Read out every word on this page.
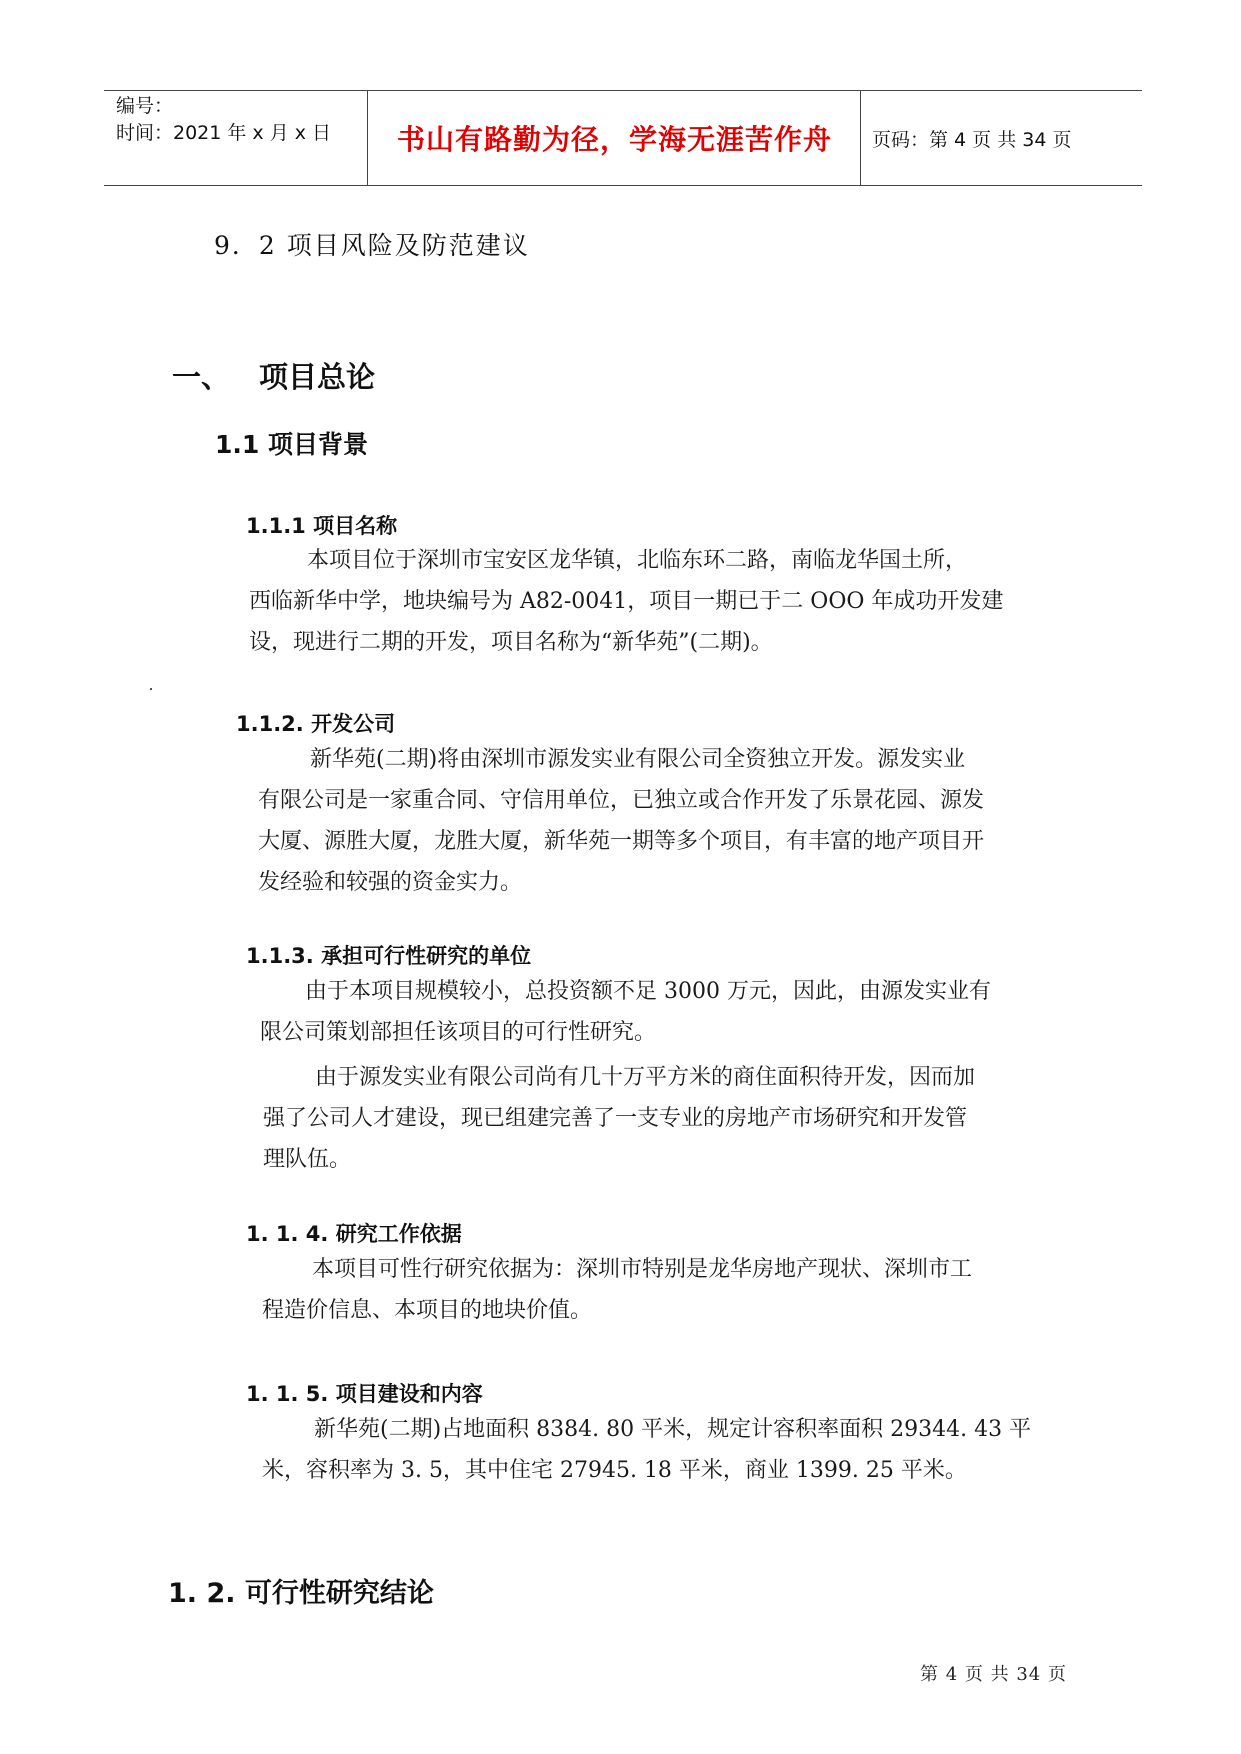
编号：
时间：2021 年 x 月 x 日	书山有路勤为径，学海无涯苦作舟	页码：第 4 页 共 34 页
9．2 项目风险及防范建议
一、 项目总论
1.1 项目背景
1.1.1 项目名称
本项目位于深圳市宝安区龙华镇，北临东环二路，南临龙华国土所，
西临新华中学，地块编号为 A82-0041，项目一期已于二 OOO 年成功开发建
设，现进行二期的开发，项目名称为“新华苑”(二期)。
1.1.2. 开发公司
新华苑(二期)将由深圳市源发实业有限公司全资独立开发。源发实业
有限公司是一家重合同、守信用单位，已独立或合作开发了乐景花园、源发
大厦、源胜大厦，龙胜大厦，新华苑一期等多个项目，有丰富的地产项目开
发经验和较强的资金实力。
1.1.3. 承担可行性研究的单位
由于本项目规模较小，总投资额不足 3000 万元，因此，由源发实业有
限公司策划部担任该项目的可行性研究。
由于源发实业有限公司尚有几十万平方米的商住面积待开发，因而加
强了公司人才建设，现已组建完善了一支专业的房地产市场研究和开发管
理队伍。
1. 1. 4. 研究工作依据
本项目可性行研究依据为：深圳市特别是龙华房地产现状、深圳市工
程造价信息、本项目的地块价值。
1. 1. 5. 项目建设和内容
新华苑(二期)占地面积 8384. 80 平米，规定计容积率面积 29344. 43 平
米，容积率为 3. 5，其中住宅 27945. 18 平米，商业 1399. 25 平米。
1. 2. 可行性研究结论
第 4 页 共 34 页
